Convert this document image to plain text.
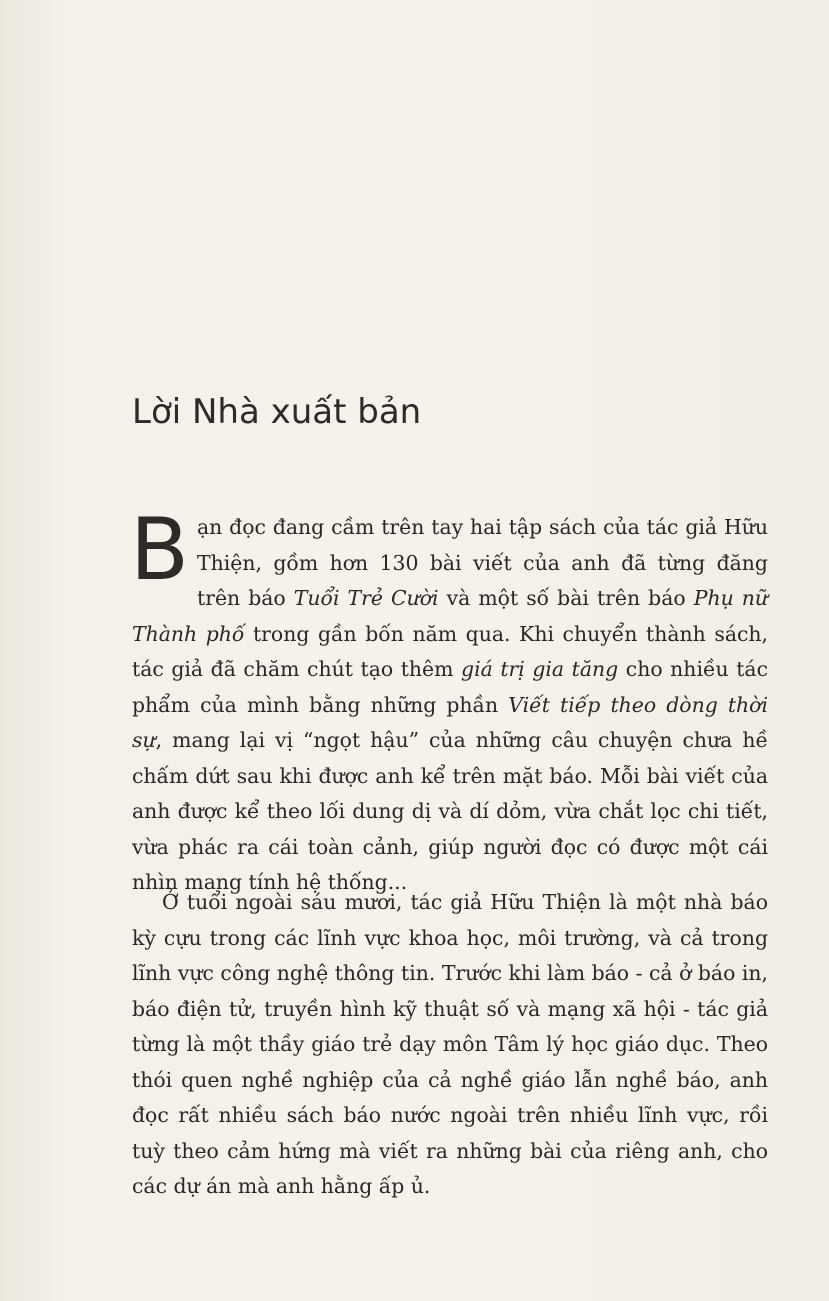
Lời Nhà xuất bản

Bạn đọc đang cầm trên tay hai tập sách của tác giả Hữu Thiện, gồm hơn 130 bài viết của anh đã từng đăng trên báo Tuổi Trẻ Cười và một số bài trên báo Phụ nữ Thành phố trong gần bốn năm qua. Khi chuyển thành sách, tác giả đã chăm chút tạo thêm giá trị gia tăng cho nhiều tác phẩm của mình bằng những phần Viết tiếp theo dòng thời sự, mang lại vị “ngọt hậu” của những câu chuyện chưa hề chấm dứt sau khi được anh kể trên mặt báo. Mỗi bài viết của anh được kể theo lối dung dị và dí dỏm, vừa chắt lọc chi tiết, vừa phác ra cái toàn cảnh, giúp người đọc có được một cái nhìn mang tính hệ thống...

Ở tuổi ngoài sáu mươi, tác giả Hữu Thiện là một nhà báo kỳ cựu trong các lĩnh vực khoa học, môi trường, và cả trong lĩnh vực công nghệ thông tin. Trước khi làm báo - cả ở báo in, báo điện tử, truyền hình kỹ thuật số và mạng xã hội - tác giả từng là một thầy giáo trẻ dạy môn Tâm lý học giáo dục. Theo thói quen nghề nghiệp của cả nghề giáo lẫn nghề báo, anh đọc rất nhiều sách báo nước ngoài trên nhiều lĩnh vực, rồi tuỳ theo cảm hứng mà viết ra những bài của riêng anh, cho các dự án mà anh hằng ấp ủ.
